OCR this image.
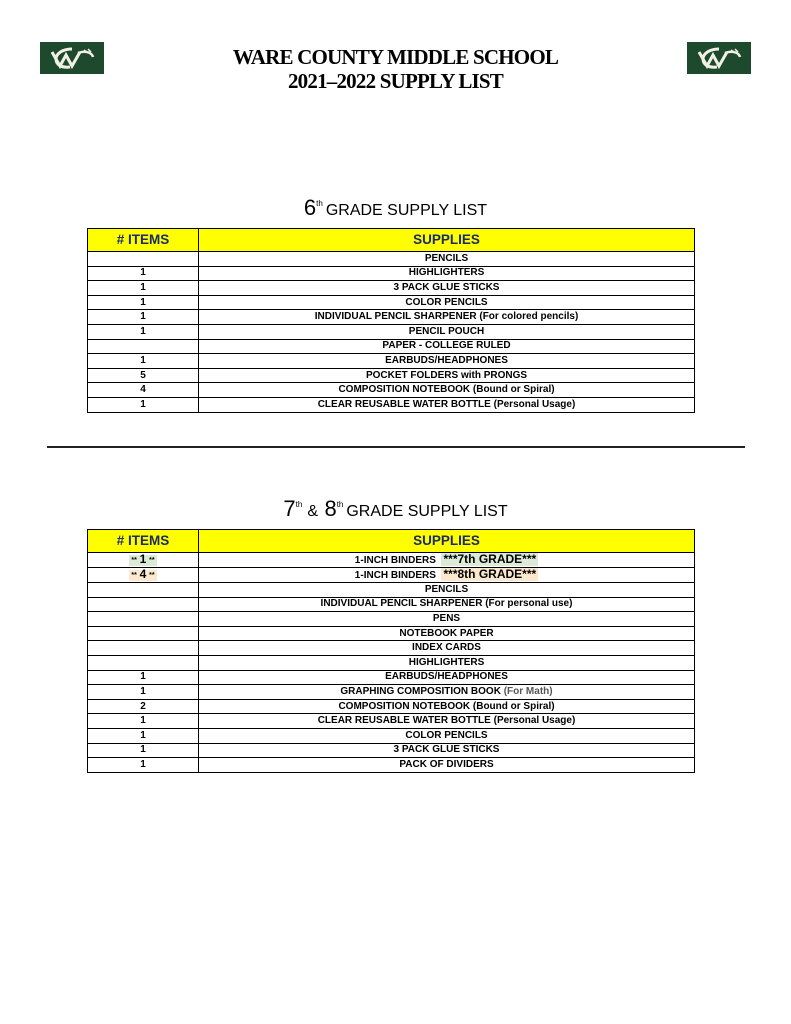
WARE COUNTY MIDDLE SCHOOL
2021–2022 SUPPLY LIST
6th GRADE SUPPLY LIST
# ITEMS	SUPPLIES
	PENCILS
1	HIGHLIGHTERS
1	3 PACK GLUE STICKS
1	COLOR PENCILS
1	INDIVIDUAL PENCIL SHARPENER (For colored pencils)
1	PENCIL POUCH
	PAPER - COLLEGE RULED
1	EARBUDS/HEADPHONES
5	POCKET FOLDERS with PRONGS
4	COMPOSITION NOTEBOOK (Bound or Spiral)
1	CLEAR REUSABLE WATER BOTTLE (Personal Usage)
7th & 8th GRADE SUPPLY LIST
# ITEMS	SUPPLIES
** 1 **	1-INCH BINDERS ***7th GRADE***
** 4 **	1-INCH BINDERS ***8th GRADE***
	PENCILS
	INDIVIDUAL PENCIL SHARPENER (For personal use)
	PENS
	NOTEBOOK PAPER
	INDEX CARDS
	HIGHLIGHTERS
1	EARBUDS/HEADPHONES
1	GRAPHING COMPOSITION BOOK (For Math)
2	COMPOSITION NOTEBOOK (Bound or Spiral)
1	CLEAR REUSABLE WATER BOTTLE (Personal Usage)
1	COLOR PENCILS
1	3 PACK GLUE STICKS
1	PACK OF DIVIDERS
